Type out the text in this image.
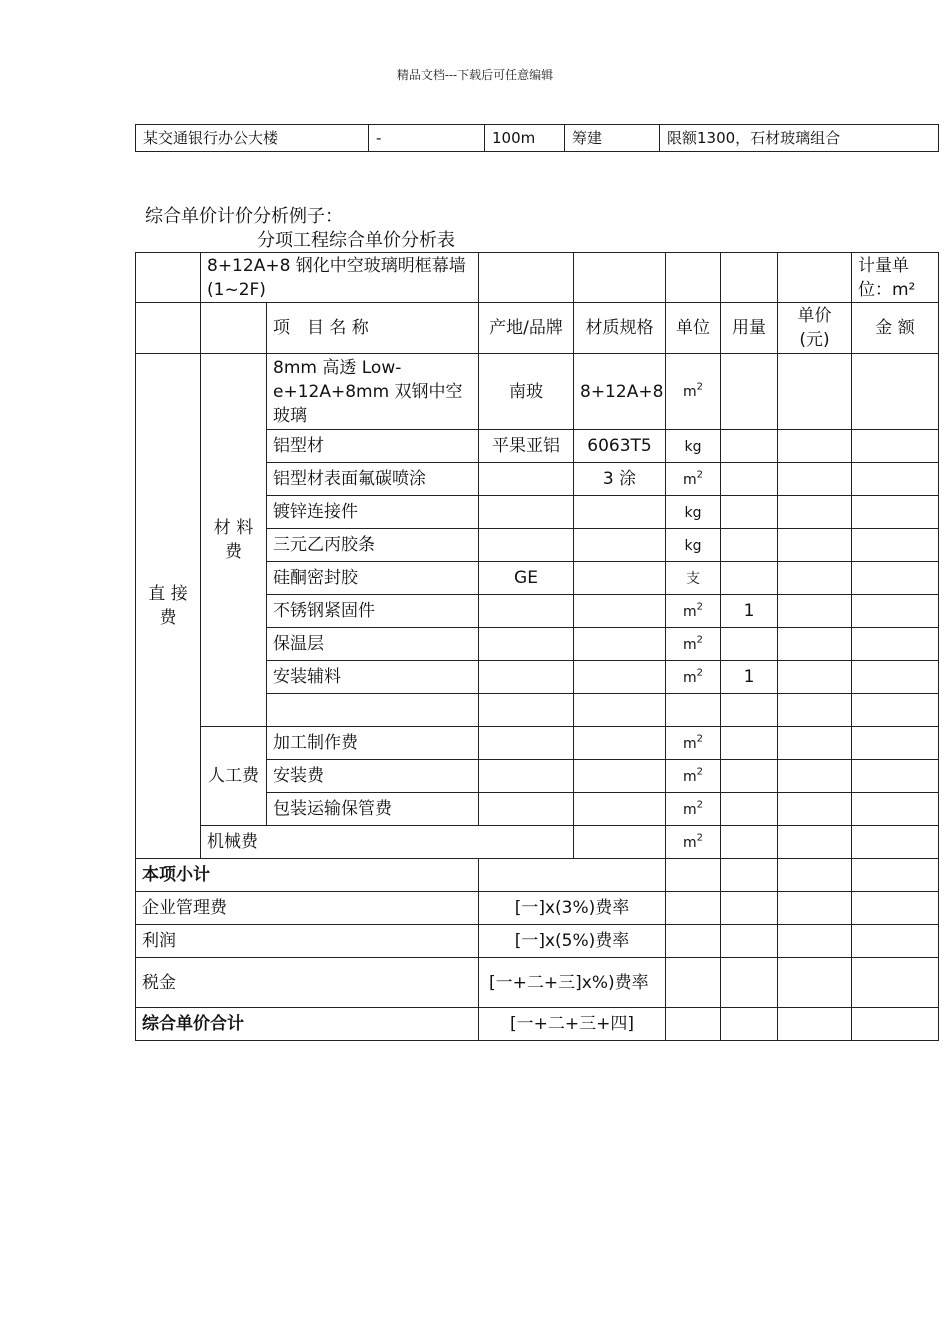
精品文档---下载后可任意编辑
某交通银行办公大楼	-	100m	筹建	限额1300，石材玻璃组合
综合单价计价分析例子：
分项工程综合单价分析表
	8+12A+8 钢化中空玻璃明框幕墙(1~2F)							计量单位：m²
		项　目 名 称	产地/品牌	材质规格	单位	用量	单价(元)	金 额
直 接 费	材 料 费	8mm 高透 Low-e+12A+8mm 双钢中空玻璃	南玻	8+12A+8	$m^2$			
		铝型材	平果亚铝	6063T5	kg			
		铝型材表面氟碳喷涂		3 涂	$m^2$			
		镀锌连接件			kg			
		三元乙丙胶条			kg			
		硅酮密封胶	GE		支			
		不锈钢紧固件			$m^2$	1		
		保温层			$m^2$			
		安装辅料			$m^2$	1		

	人工费	加工制作费			$m^2$			
		安装费			$m^2$			
		包装运输保管费			$m^2$			
	机械费				$m^2$			
本项小计								
企业管理费			[一]x(3%)费率					
利润			[一]x(5%)费率					
税金			[一+二+三]x%)费率					
综合单价合计			[一+二+三+四]					
